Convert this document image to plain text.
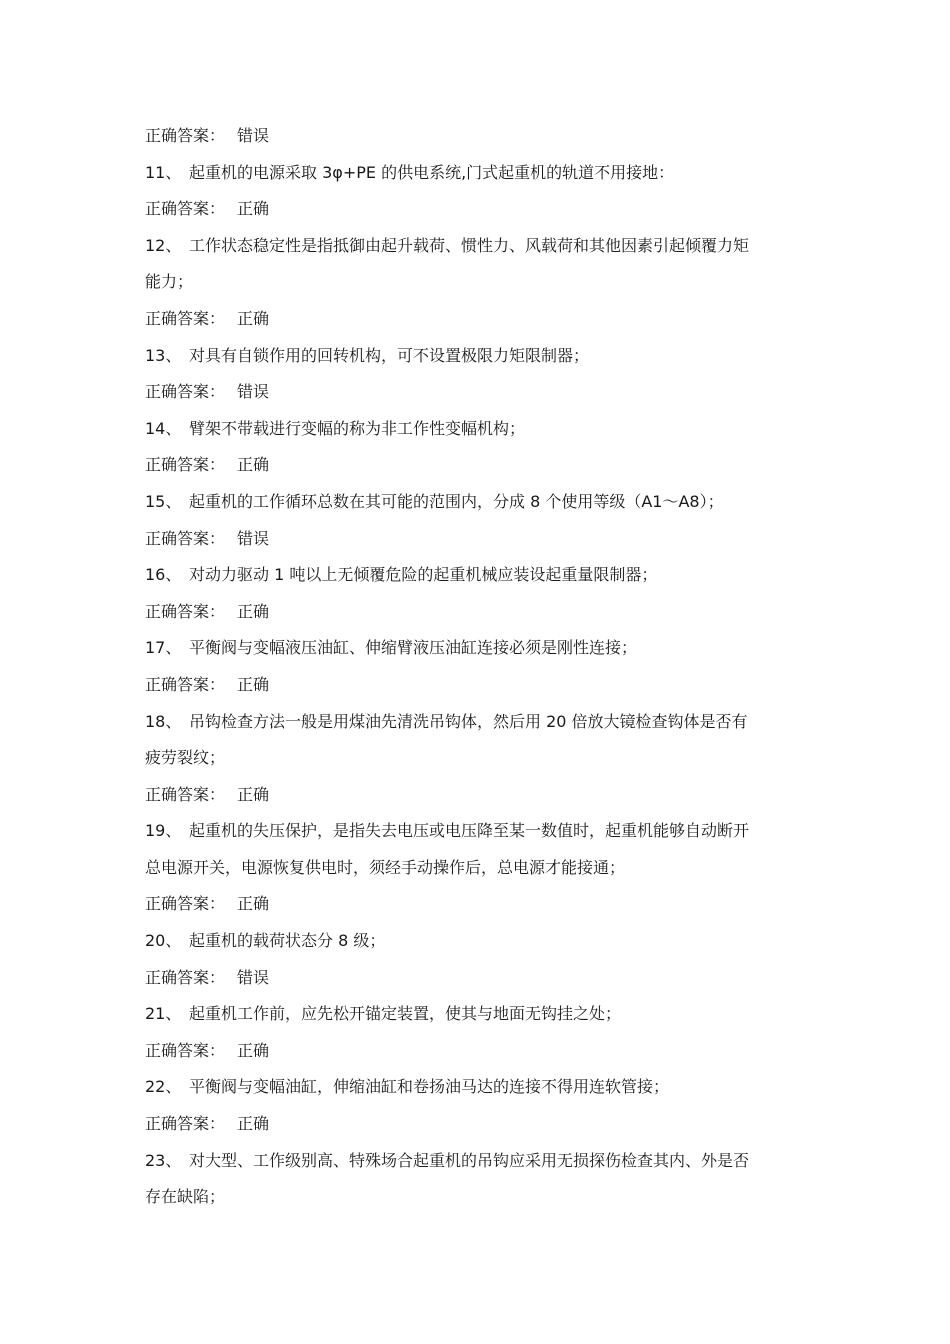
正确答案： 错误

11、 起重机的电源采取 3φ+PE 的供电系统,门式起重机的轨道不用接地：

正确答案： 正确

12、 工作状态稳定性是指抵御由起升载荷、惯性力、风载荷和其他因素引起倾覆力矩

能力；

正确答案： 正确

13、 对具有自锁作用的回转机构，可不设置极限力矩限制器；

正确答案： 错误

14、 臂架不带载进行变幅的称为非工作性变幅机构；

正确答案： 正确

15、 起重机的工作循环总数在其可能的范围内，分成 8 个使用等级（A1～A8）；

正确答案： 错误

16、 对动力驱动 1 吨以上无倾覆危险的起重机械应装设起重量限制器；

正确答案： 正确

17、 平衡阀与变幅液压油缸、伸缩臂液压油缸连接必须是刚性连接；

正确答案： 正确

18、 吊钩检查方法一般是用煤油先清洗吊钩体，然后用 20 倍放大镜检查钩体是否有

疲劳裂纹；

正确答案： 正确

19、 起重机的失压保护，是指失去电压或电压降至某一数值时，起重机能够自动断开

总电源开关，电源恢复供电时，须经手动操作后，总电源才能接通；

正确答案： 正确

20、 起重机的载荷状态分 8 级；

正确答案： 错误

21、 起重机工作前，应先松开锚定装置，使其与地面无钩挂之处；

正确答案： 正确

22、 平衡阀与变幅油缸，伸缩油缸和卷扬油马达的连接不得用连软管接；

正确答案： 正确

23、 对大型、工作级别高、特殊场合起重机的吊钩应采用无损探伤检查其内、外是否

存在缺陷；
